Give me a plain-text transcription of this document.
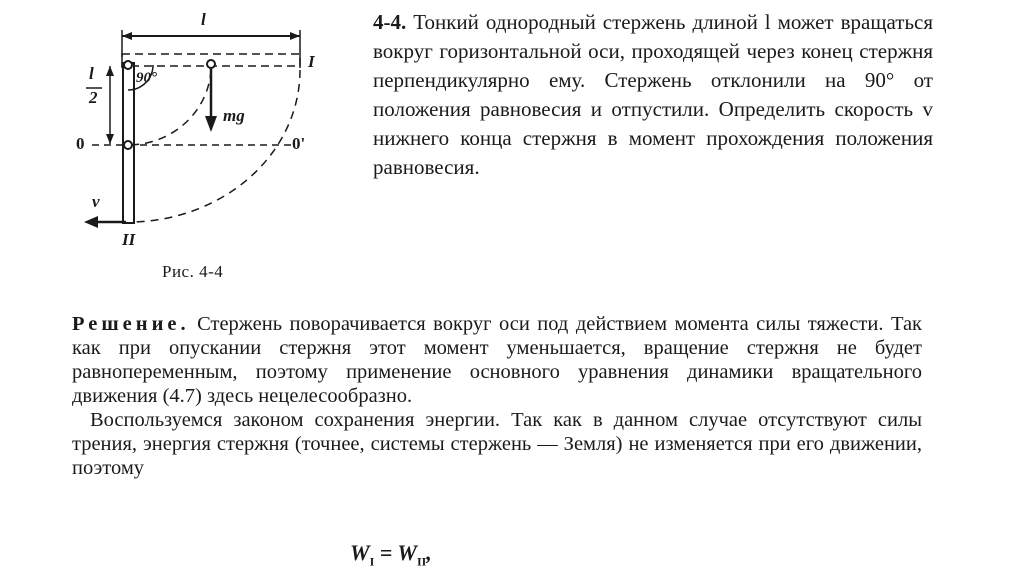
l
l
2
90°
mg
0	0'
I
II
v
Рис. 4-4
4-4. Тонкий однородный стержень длиной l может вращаться вокруг горизонтальной оси, проходящей через конец стержня перпендикулярно ему. Стержень отклонили на 90° от положения равновесия и отпустили. Определить скорость v нижнего конца стержня в момент прохождения положения равновесия.

Решение. Стержень поворачивается вокруг оси под действием момента силы тяжести. Так как при опускании стержня этот момент уменьшается, вращение стержня не будет равнопеременным, поэтому применение основного уравнения динамики вращательного движения (4.7) здесь нецелесообразно.

Воспользуемся законом сохранения энергии. Так как в данном случае отсутствуют силы трения, энергия стержня (точнее, системы стержень — Земля) не изменяется при его движении, поэтому

$W_I = W_{II}$,
